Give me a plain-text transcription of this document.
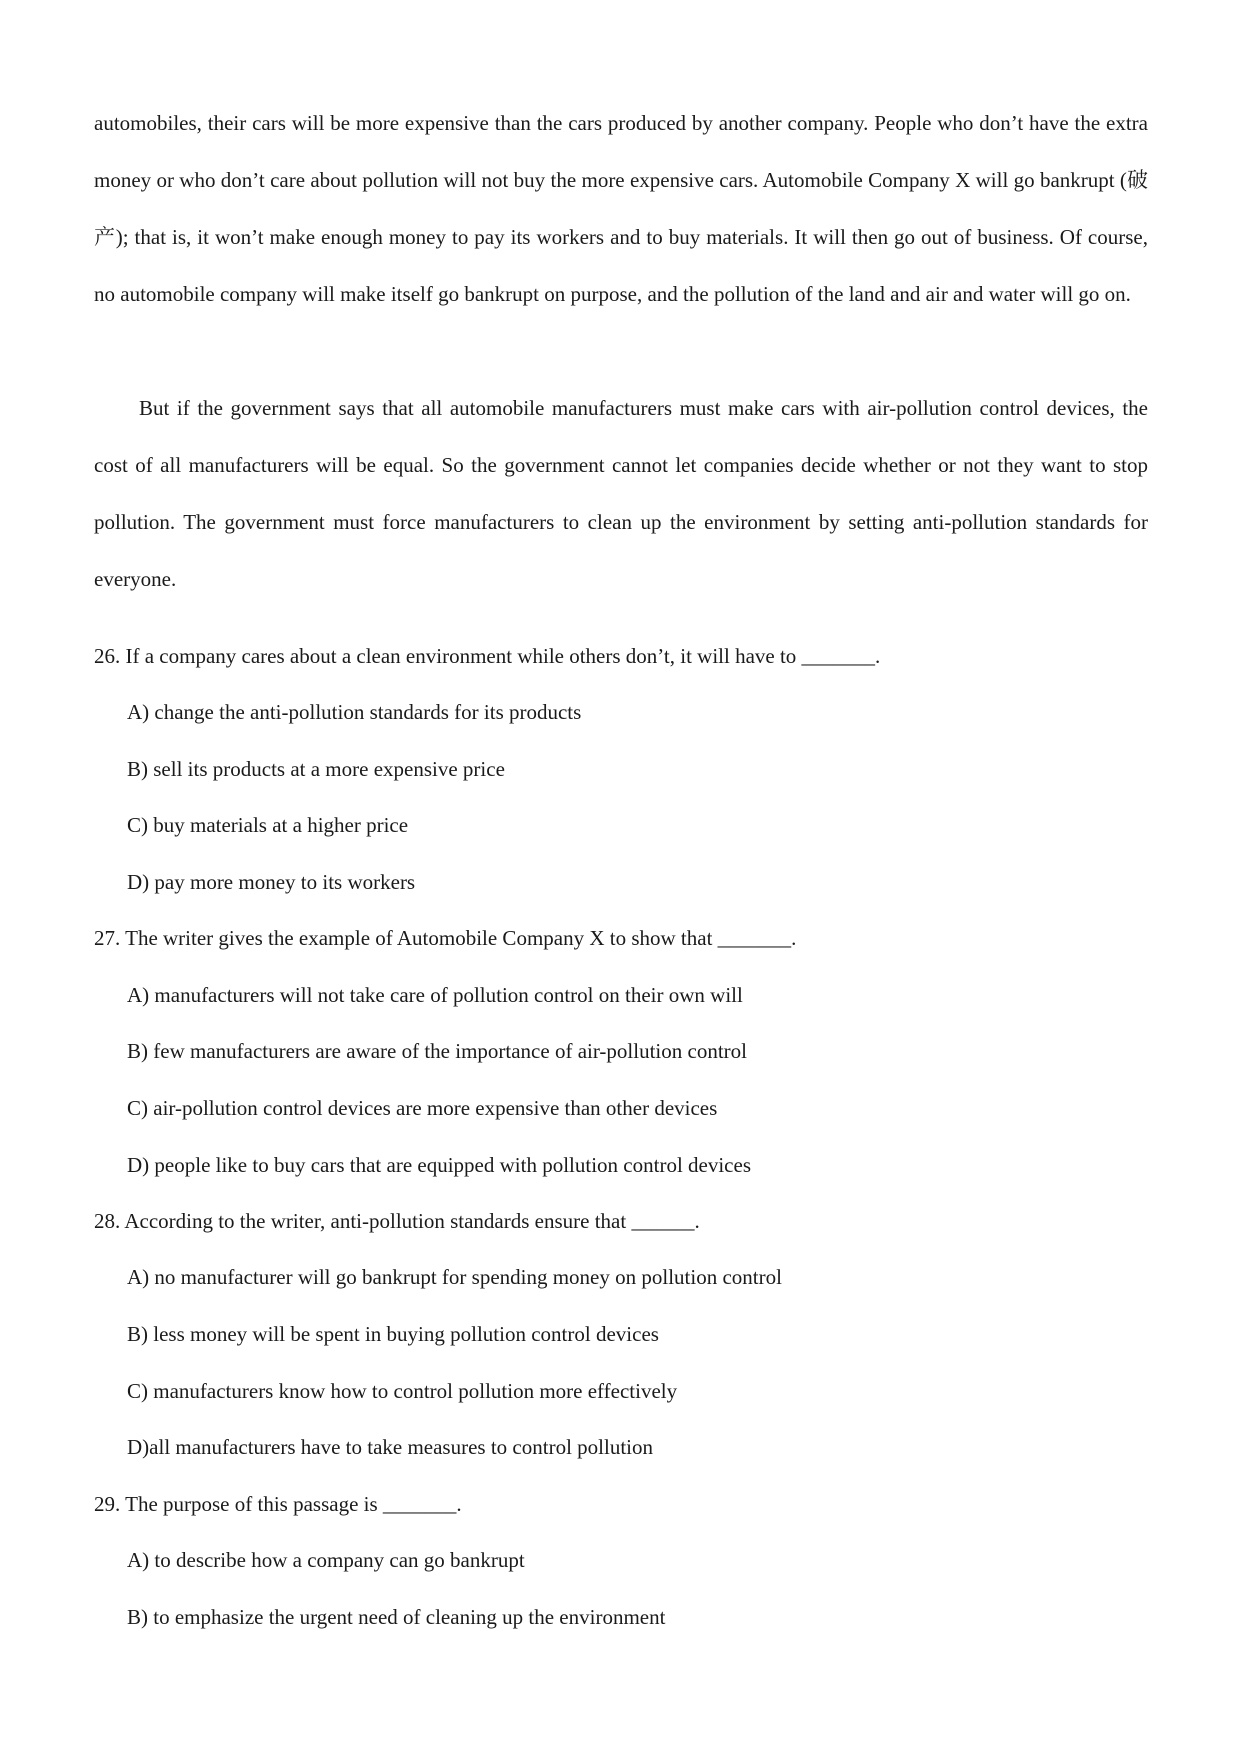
automobiles, their cars will be more expensive than the cars produced by another company. People who don’t have the extra money or who don’t care about pollution will not buy the more expensive cars. Automobile Company X will go bankrupt (破产); that is, it won’t make enough money to pay its workers and to buy materials. It will then go out of business. Of course, no automobile company will make itself go bankrupt on purpose, and the pollution of the land and air and water will go on.

But if the government says that all automobile manufacturers must make cars with air-pollution control devices, the cost of all manufacturers will be equal. So the government cannot let companies decide whether or not they want to stop pollution. The government must force manufacturers to clean up the environment by setting anti-pollution standards for everyone.

26. If a company cares about a clean environment while others don’t, it will have to _______.

A) change the anti-pollution standards for its products

B) sell its products at a more expensive price

C) buy materials at a higher price

D) pay more money to its workers

27. The writer gives the example of Automobile Company X to show that _______.

A) manufacturers will not take care of pollution control on their own will

B) few manufacturers are aware of the importance of air-pollution control

C) air-pollution control devices are more expensive than other devices

D) people like to buy cars that are equipped with pollution control devices

28. According to the writer, anti-pollution standards ensure that ______.

A) no manufacturer will go bankrupt for spending money on pollution control

B) less money will be spent in buying pollution control devices

C) manufacturers know how to control pollution more effectively

D)all manufacturers have to take measures to control pollution

29. The purpose of this passage is _______.

A) to describe how a company can go bankrupt

B) to emphasize the urgent need of cleaning up the environment
